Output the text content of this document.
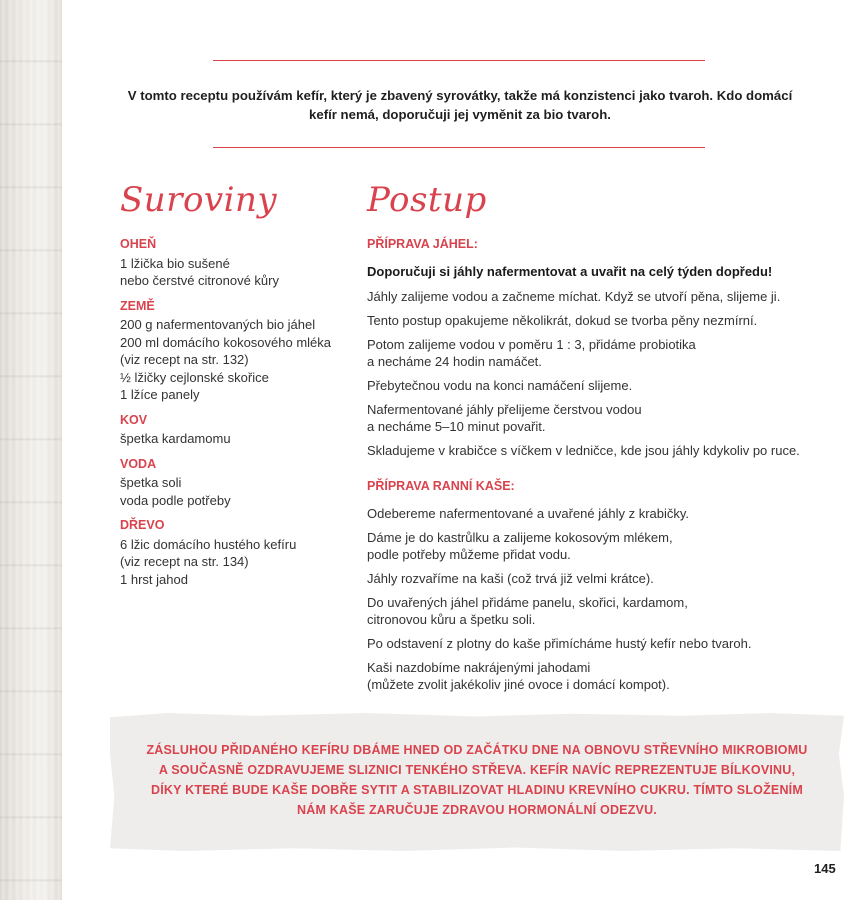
V tomto receptu používám kefír, který je zbavený syrovátky, takže má konzistenci jako tvaroh. Kdo domácí
kefír nemá, doporučuji jej vyměnit za bio tvaroh.
Suroviny	Postup
OHEŇ
1 lžička bio sušené
nebo čerstvé citronové kůry
ZEMĚ
200 g nafermentovaných bio jáhel
200 ml domácího kokosového mléka
(viz recept na str. 132)
½ lžičky cejlonské skořice
1 lžíce panely
KOV
špetka kardamomu
VODA
špetka soli
voda podle potřeby
DŘEVO
6 lžic domácího hustého kefíru
(viz recept na str. 134)
1 hrst jahod
PŘÍPRAVA JÁHEL:
Doporučuji si jáhly nafermentovat a uvařit na celý týden dopředu!
Jáhly zalijeme vodou a začneme míchat. Když se utvoří pěna, slijeme ji.
Tento postup opakujeme několikrát, dokud se tvorba pěny nezmírní.
Potom zalijeme vodou v poměru 1 : 3, přidáme probiotika
a necháme 24 hodin namáčet.
Přebytečnou vodu na konci namáčení slijeme.
Nafermentované jáhly přelijeme čerstvou vodou
a necháme 5–10 minut povařit.
Skladujeme v krabičce s víčkem v ledničce, kde jsou jáhly kdykoliv po ruce.
PŘÍPRAVA RANNÍ KAŠE:
Odebereme nafermentované a uvařené jáhly z krabičky.
Dáme je do kastrůlku a zalijeme kokosovým mlékem,
podle potřeby můžeme přidat vodu.
Jáhly rozvaříme na kaši (což trvá již velmi krátce).
Do uvařených jáhel přidáme panelu, skořici, kardamom,
citronovou kůru a špetku soli.
Po odstavení z plotny do kaše přimícháme hustý kefír nebo tvaroh.
Kaši nazdobíme nakrájenými jahodami
(můžete zvolit jakékoliv jiné ovoce i domácí kompot).
ZÁSLUHOU PŘIDANÉHO KEFÍRU DBÁME HNED OD ZAČÁTKU DNE NA OBNOVU STŘEVNÍHO MIKROBIOMU
A SOUČASNĚ OZDRAVUJEME SLIZNICI TENKÉHO STŘEVA. KEFÍR NAVÍC REPREZENTUJE BÍLKOVINU,
DÍKY KTERÉ BUDE KAŠE DOBŘE SYTIT A STABILIZOVAT HLADINU KREVNÍHO CUKRU. TÍMTO SLOŽENÍM
NÁM KAŠE ZARUČUJE ZDRAVOU HORMONÁLNÍ ODEZVU.
145
